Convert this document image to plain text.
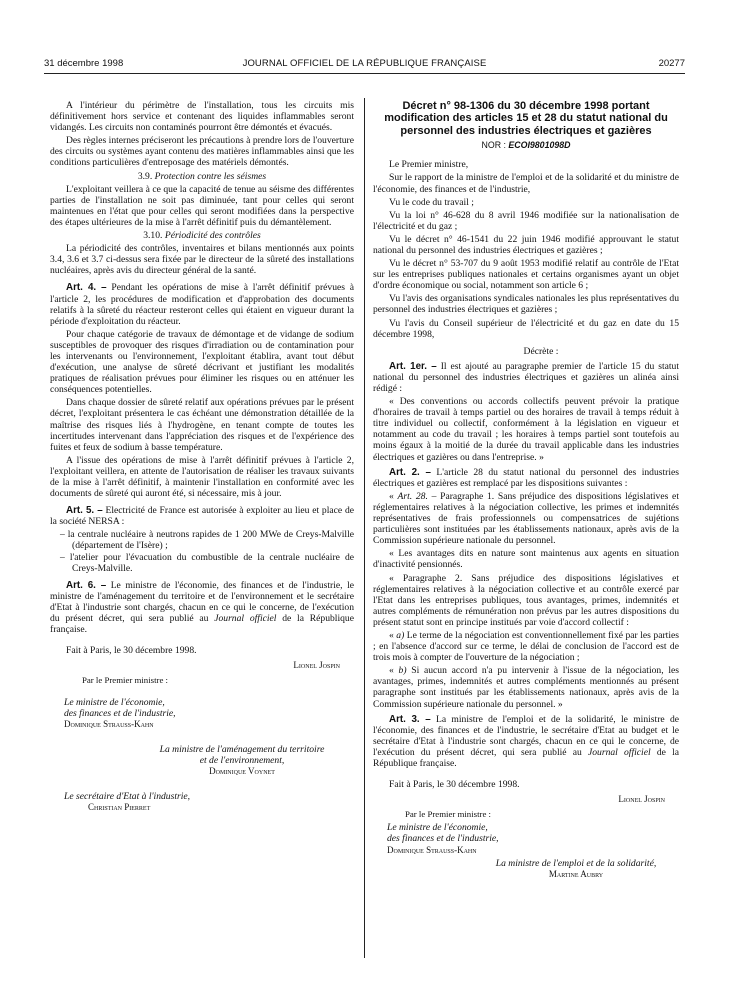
31 décembre 1998	JOURNAL OFFICIEL DE LA RÉPUBLIQUE FRANÇAISE	20277

A l'intérieur du périmètre de l'installation, tous les circuits mis définitivement hors service et contenant des liquides inflammables seront vidangés. Les circuits non contaminés pourront être démontés et évacués.

Des règles internes préciseront les précautions à prendre lors de l'ouverture des circuits ou systèmes ayant contenu des matières inflammables ainsi que les conditions particulières d'entreposage des matériels démontés.

3.9. Protection contre les séismes

L'exploitant veillera à ce que la capacité de tenue au séisme des différentes parties de l'installation ne soit pas diminuée, tant pour celles qui seront maintenues en l'état que pour celles qui seront modifiées dans la perspective des étapes ultérieures de la mise à l'arrêt définitif puis du démantèlement.

3.10. Périodicité des contrôles

La périodicité des contrôles, inventaires et bilans mentionnés aux points 3.4, 3.6 et 3.7 ci-dessus sera fixée par le directeur de la sûreté des installations nucléaires, après avis du directeur général de la santé.

Art. 4. – Pendant les opérations de mise à l'arrêt définitif prévues à l'article 2, les procédures de modification et d'approbation des documents relatifs à la sûreté du réacteur resteront celles qui étaient en vigueur durant la période d'exploitation du réacteur.

Pour chaque catégorie de travaux de démontage et de vidange de sodium susceptibles de provoquer des risques d'irradiation ou de contamination pour les intervenants ou l'environnement, l'exploitant établira, avant tout début d'exécution, une analyse de sûreté décrivant et justifiant les modalités pratiques de réalisation prévues pour éliminer les risques ou en atténuer les conséquences potentielles.

Dans chaque dossier de sûreté relatif aux opérations prévues par le présent décret, l'exploitant présentera le cas échéant une démonstration détaillée de la maîtrise des risques liés à l'hydrogène, en tenant compte de toutes les incertitudes intervenant dans l'appréciation des risques et de l'expérience des fuites et feux de sodium à basse température.

A l'issue des opérations de mise à l'arrêt définitif prévues à l'article 2, l'exploitant veillera, en attente de l'autorisation de réaliser les travaux suivants de la mise à l'arrêt définitif, à maintenir l'installation en conformité avec les documents de sûreté qui auront été, si nécessaire, mis à jour.

Art. 5. – Electricité de France est autorisée à exploiter au lieu et place de la société NERSA :

– la centrale nucléaire à neutrons rapides de 1 200 MWe de Creys-Malville (département de l'Isère) ;
– l'atelier pour l'évacuation du combustible de la centrale nucléaire de Creys-Malville.

Art. 6. – Le ministre de l'économie, des finances et de l'industrie, le ministre de l'aménagement du territoire et de l'environnement et le secrétaire d'Etat à l'industrie sont chargés, chacun en ce qui le concerne, de l'exécution du présent décret, qui sera publié au Journal officiel de la République française.

Fait à Paris, le 30 décembre 1998.

Lionel Jospin
Par le Premier ministre :
Le ministre de l'économie,
des finances et de l'industrie,
Dominique Strauss-Kahn
La ministre de l'aménagement du territoire
et de l'environnement,
Dominique Voynet
Le secrétaire d'Etat à l'industrie,
Christian Pierret
Décret n° 98-1306 du 30 décembre 1998 portant modification des articles 15 et 28 du statut national du personnel des industries électriques et gazières
NOR : ECOI9801098D

Le Premier ministre,

Sur le rapport de la ministre de l'emploi et de la solidarité et du ministre de l'économie, des finances et de l'industrie,

Vu le code du travail ;

Vu la loi n° 46-628 du 8 avril 1946 modifiée sur la nationalisation de l'électricité et du gaz ;

Vu le décret n° 46-1541 du 22 juin 1946 modifié approuvant le statut national du personnel des industries électriques et gazières ;

Vu le décret n° 53-707 du 9 août 1953 modifié relatif au contrôle de l'Etat sur les entreprises publiques nationales et certains organismes ayant un objet d'ordre économique ou social, notamment son article 6 ;

Vu l'avis des organisations syndicales nationales les plus représentatives du personnel des industries électriques et gazières ;

Vu l'avis du Conseil supérieur de l'électricité et du gaz en date du 15 décembre 1998,

Décrète :

Art. 1er. – Il est ajouté au paragraphe premier de l'article 15 du statut national du personnel des industries électriques et gazières un alinéa ainsi rédigé :

« Des conventions ou accords collectifs peuvent prévoir la pratique d'horaires de travail à temps partiel ou des horaires de travail à temps réduit à titre individuel ou collectif, conformément à la législation en vigueur et notamment au code du travail ; les horaires à temps partiel sont toutefois au moins égaux à la moitié de la durée du travail applicable dans les industries électriques et gazières ou dans l'entreprise. »

Art. 2. – L'article 28 du statut national du personnel des industries électriques et gazières est remplacé par les dispositions suivantes :

« Art. 28. – Paragraphe 1. Sans préjudice des dispositions législatives et réglementaires relatives à la négociation collective, les primes et indemnités représentatives de frais professionnels ou compensatrices de sujétions particulières sont instituées par les établissements nationaux, après avis de la Commission supérieure nationale du personnel.

« Les avantages dits en nature sont maintenus aux agents en situation d'inactivité pensionnés.

« Paragraphe 2. Sans préjudice des dispositions législatives et réglementaires relatives à la négociation collective et au contrôle exercé par l'Etat dans les entreprises publiques, tous avantages, primes, indemnités et autres compléments de rémunération non prévus par les autres dispositions du présent statut sont en principe institués par voie d'accord collectif :

« a) Le terme de la négociation est conventionnellement fixé par les parties ; en l'absence d'accord sur ce terme, le délai de conclusion de l'accord est de trois mois à compter de l'ouverture de la négociation ;

« b) Si aucun accord n'a pu intervenir à l'issue de la négociation, les avantages, primes, indemnités et autres compléments mentionnés au présent paragraphe sont institués par les établissements nationaux, après avis de la Commission supérieure nationale du personnel. »

Art. 3. – La ministre de l'emploi et de la solidarité, le ministre de l'économie, des finances et de l'industrie, le secrétaire d'Etat au budget et le secrétaire d'Etat à l'industrie sont chargés, chacun en ce qui le concerne, de l'exécution du présent décret, qui sera publié au Journal officiel de la République française.

Fait à Paris, le 30 décembre 1998.

Lionel Jospin
Par le Premier ministre :
Le ministre de l'économie,
des finances et de l'industrie,
Dominique Strauss-Kahn
La ministre de l'emploi et de la solidarité,
Martine Aubry
